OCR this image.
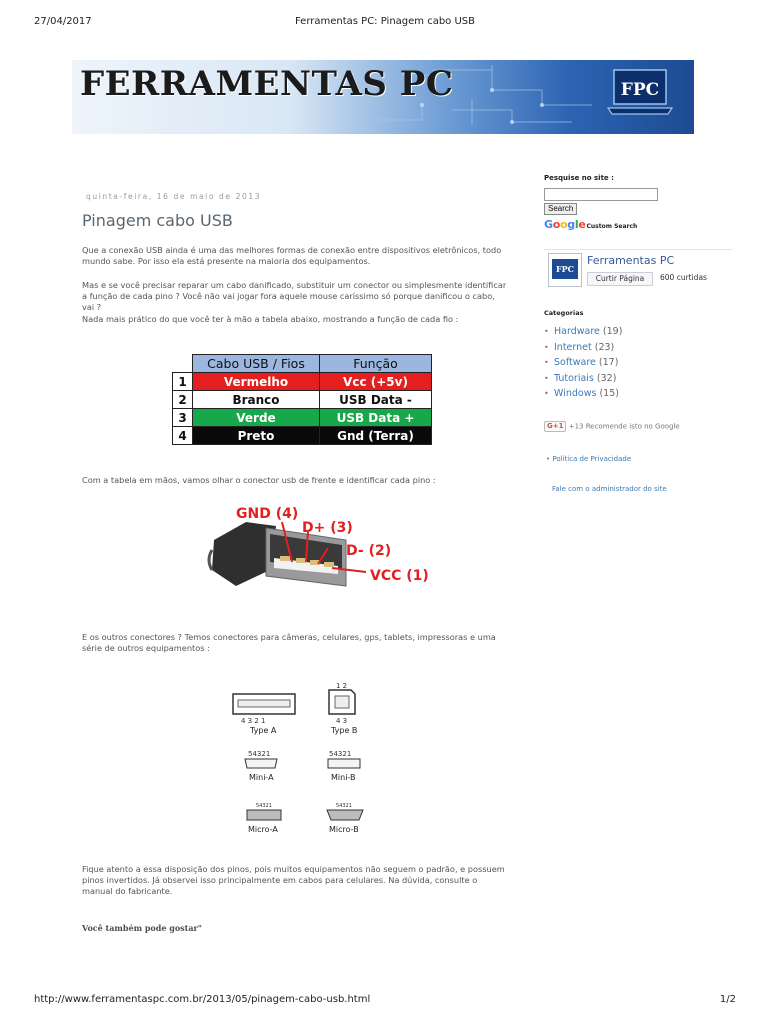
27/04/2017	Ferramentas PC: Pinagem cabo USB
FERRAMENTAS PC	FPC
quinta-feira, 16 de maio de 2013
Pinagem cabo USB

Que a conexão USB ainda é uma das melhores formas de conexão entre dispositivos eletrônicos, todo mundo sabe. Por isso ela está presente na maioria dos equipamentos.

Mas e se você precisar reparar um cabo danificado, substituir um conector ou simplesmente identificar a função de cada pino ? Você não vai jogar fora aquele mouse caríssimo só porque danificou o cabo, vai ?

Nada mais prático do que você ter à mão a tabela abaixo, mostrando a função de cada fio :

	Cabo USB / Fios	Função
1	Vermelho	Vcc (+5v)
2	Branco	USB Data -
3	Verde	USB Data +
4	Preto	Gnd (Terra)

Com a tabela em mãos, vamos olhar o conector usb de frente e identificar cada pino :

GND (4)
D+ (3)
D- (2)
VCC (1)

E os outros conectores ? Temos conectores para câmeras, celulares, gps, tablets, impressoras e uma série de outros equipamentos :

4 3 2 1
Type A
1 2
4 3
Type B
54321
Mini-A
54321
Mini-B
54321
Micro-A
54321
Micro-B

Fique atento a essa disposição dos pinos, pois muitos equipamentos não seguem o padrão, e possuem pinos invertidos. Já observei isso principalmente em cabos para celulares. Na dúvida, consulte o manual do fabricante.

Você também pode gostar"
Pesquise no site :
Search
GoogleCustom Search
FPC
Ferramentas PC
Curtir Página	600 curtidas
Categorias
• Hardware (19)
• Internet (23)
• Software (17)
• Tutoriais (32)
• Windows (15)
G+1 +13 Recomende isto no Google
• Política de Privacidade
Fale com o administrador do site
http://www.ferramentaspc.com.br/2013/05/pinagem-cabo-usb.html	1/2
